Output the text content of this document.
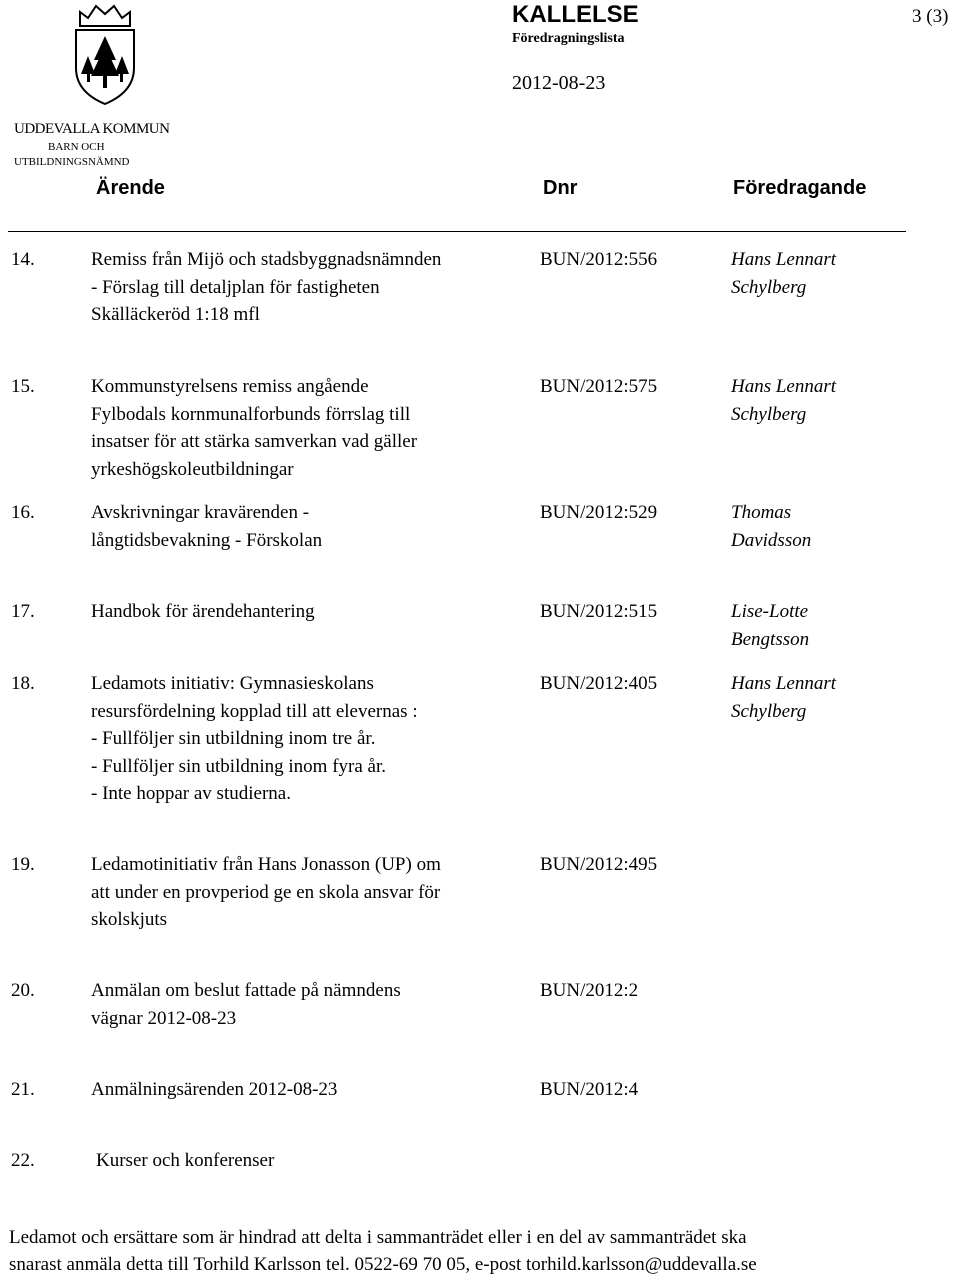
KALLELSE	3 (3)
Föredragningslista
2012-08-23
UDDEVALLA KOMMUN
BARN OCH
UTBILDNINGSNÄMND
Ärende	Dnr	Föredragande
14.	Remiss från Mijö och stadsbyggnadsnämnden
- Förslag till detaljplan för fastigheten
Skälläckeröd 1:18 mfl
BUN/2012:556	Hans Lennart
Schylberg
15.	Kommunstyrelsens remiss angående
Fylbodals kornmunalforbunds förrslag till
insatser för att stärka samverkan vad gäller
yrkeshögskoleutbildningar
BUN/2012:575	Hans Lennart
Schylberg
16.	Avskrivningar kravärenden -
långtidsbevakning - Förskolan
BUN/2012:529	Thomas
Davidsson
17.	Handbok för ärendehantering	BUN/2012:515	Lise-Lotte
Bengtsson
18.	Ledamots initiativ: Gymnasieskolans
resursfördelning kopplad till att elevernas :
- Fullföljer sin utbildning inom tre år.
- Fullföljer sin utbildning inom fyra år.
- Inte hoppar av studierna.
BUN/2012:405	Hans Lennart
Schylberg
19.	Ledamotinitiativ från Hans Jonasson (UP) om
att under en provperiod ge en skola ansvar för
skolskjuts
BUN/2012:495
20.	Anmälan om beslut fattade på nämndens
vägnar 2012-08-23
BUN/2012:2
21.	Anmälningsärenden 2012-08-23	BUN/2012:4
22.	Kurser och konferenser
Ledamot och ersättare som är hindrad att delta i sammanträdet eller i en del av sammanträdet ska
snarast anmäla detta till Torhild Karlsson tel. 0522-69 70 05, e-post torhild.karlsson@uddevalla.se
